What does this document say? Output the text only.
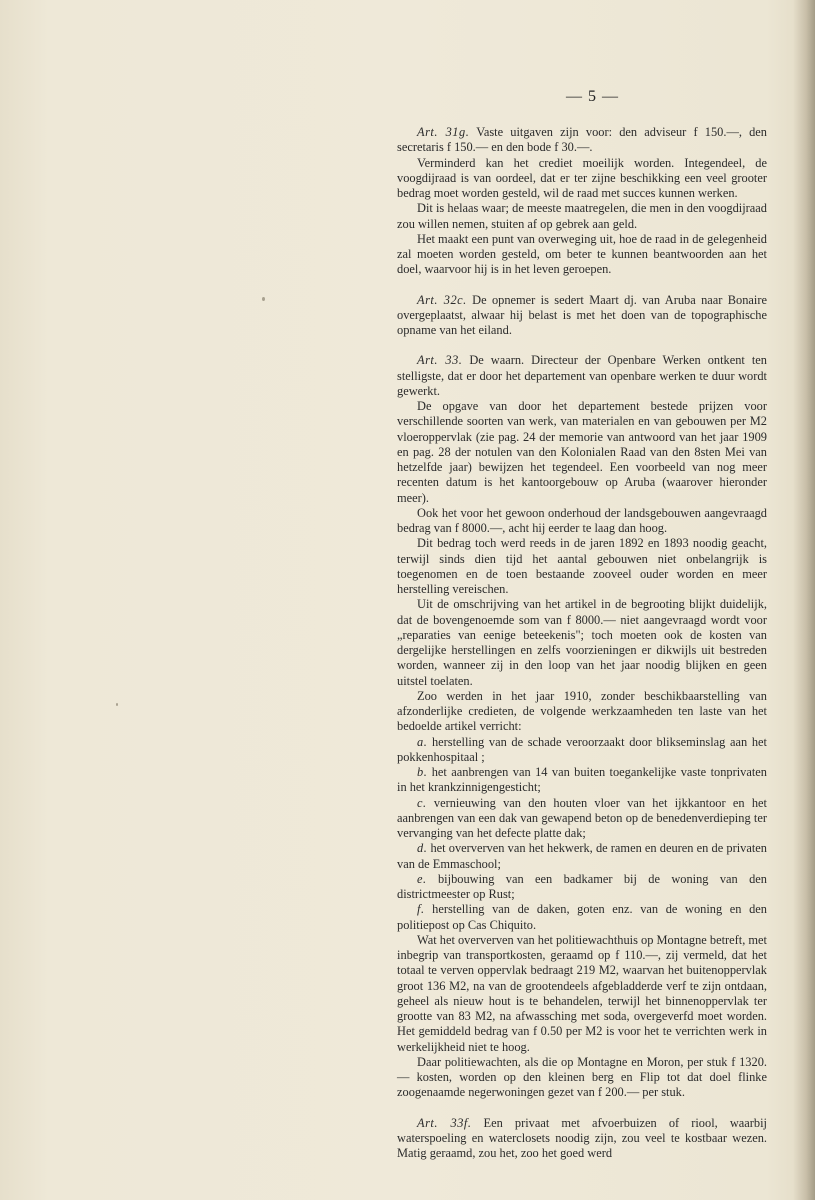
— 5 —

Art. 31g. Vaste uitgaven zijn voor: den adviseur f 150.—, den secretaris f 150.— en den bode f 30.—.

Verminderd kan het crediet moeilijk worden. Integendeel, de voogdijraad is van oordeel, dat er ter zijne beschikking een veel grooter bedrag moet worden gesteld, wil de raad met succes kunnen werken.

Dit is helaas waar; de meeste maatregelen, die men in den voogdijraad zou willen nemen, stuiten af op gebrek aan geld.

Het maakt een punt van overweging uit, hoe de raad in de gelegenheid zal moeten worden gesteld, om beter te kunnen beantwoorden aan het doel, waarvoor hij is in het leven geroepen.

Art. 32c. De opnemer is sedert Maart dj. van Aruba naar Bonaire overgeplaatst, alwaar hij belast is met het doen van de topographische opname van het eiland.

Art. 33. De waarn. Directeur der Openbare Werken ontkent ten stelligste, dat er door het departement van openbare werken te duur wordt gewerkt.

De opgave van door het departement bestede prijzen voor verschillende soorten van werk, van materialen en van gebouwen per M2 vloeroppervlak (zie pag. 24 der memorie van antwoord van het jaar 1909 en pag. 28 der notulen van den Kolonialen Raad van den 8sten Mei van hetzelfde jaar) bewijzen het tegendeel. Een voorbeeld van nog meer recenten datum is het kantoorgebouw op Aruba (waarover hieronder meer).

Ook het voor het gewoon onderhoud der landsgebouwen aangevraagd bedrag van f 8000.—, acht hij eerder te laag dan hoog.

Dit bedrag toch werd reeds in de jaren 1892 en 1893 noodig geacht, terwijl sinds dien tijd het aantal gebouwen niet onbelangrijk is toegenomen en de toen bestaande zooveel ouder worden en meer herstelling vereischen.

Uit de omschrijving van het artikel in de begrooting blijkt duidelijk, dat de bovengenoemde som van f 8000.— niet aangevraagd wordt voor „reparaties van eenige beteekenis"; toch moeten ook de kosten van dergelijke herstellingen en zelfs voorzieningen er dikwijls uit bestreden worden, wanneer zij in den loop van het jaar noodig blijken en geen uitstel toelaten.

Zoo werden in het jaar 1910, zonder beschikbaarstelling van afzonderlijke credieten, de volgende werkzaamheden ten laste van het bedoelde artikel verricht:

a. herstelling van de schade veroorzaakt door blikseminslag aan het pokkenhospitaal ;

b. het aanbrengen van 14 van buiten toegankelijke vaste tonprivaten in het krankzinnigengesticht;

c. vernieuwing van den houten vloer van het ijkkantoor en het aanbrengen van een dak van gewapend beton op de benedenverdieping ter vervanging van het defecte platte dak;

d. het oververven van het hekwerk, de ramen en deuren en de privaten van de Emmaschool;

e. bijbouwing van een badkamer bij de woning van den districtmeester op Rust;

f. herstelling van de daken, goten enz. van de woning en den politiepost op Cas Chiquito.

Wat het oververven van het politiewachthuis op Montagne betreft, met inbegrip van transportkosten, geraamd op f 110.—, zij vermeld, dat het totaal te verven oppervlak bedraagt 219 M2, waarvan het buitenoppervlak groot 136 M2, na van de grootendeels afgebladderde verf te zijn ontdaan, geheel als nieuw hout is te behandelen, terwijl het binnenoppervlak ter grootte van 83 M2, na afwassching met soda, overgeverfd moet worden. Het gemiddeld bedrag van f 0.50 per M2 is voor het te verrichten werk in werkelijkheid niet te hoog.

Daar politiewachten, als die op Montagne en Moron, per stuk f 1320.— kosten, worden op den kleinen berg en Flip tot dat doel flinke zoogenaamde negerwoningen gezet van f 200.— per stuk.

Art. 33f. Een privaat met afvoerbuizen of riool, waarbij waterspoeling en waterclosets noodig zijn, zou veel te kostbaar wezen. Matig geraamd, zou het, zoo het goed werd
